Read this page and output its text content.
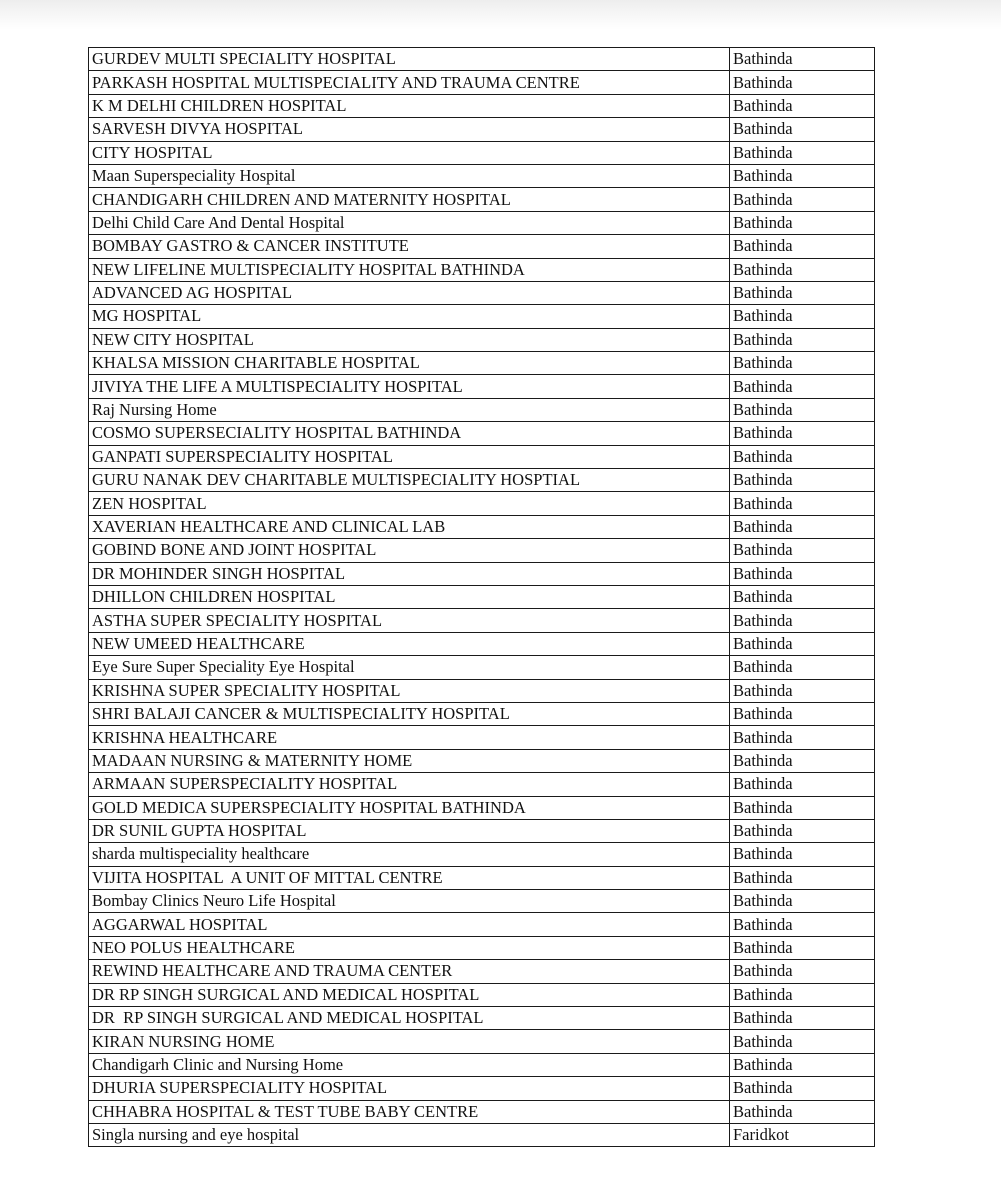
GURDEV MULTI SPECIALITY HOSPITAL	Bathinda
PARKASH HOSPITAL MULTISPECIALITY AND TRAUMA CENTRE	Bathinda
K M DELHI CHILDREN HOSPITAL	Bathinda
SARVESH DIVYA HOSPITAL	Bathinda
CITY HOSPITAL	Bathinda
Maan Superspeciality Hospital	Bathinda
CHANDIGARH CHILDREN AND MATERNITY HOSPITAL	Bathinda
Delhi Child Care And Dental Hospital	Bathinda
BOMBAY GASTRO & CANCER INSTITUTE	Bathinda
NEW LIFELINE MULTISPECIALITY HOSPITAL BATHINDA	Bathinda
ADVANCED AG HOSPITAL	Bathinda
MG HOSPITAL	Bathinda
NEW CITY HOSPITAL	Bathinda
KHALSA MISSION CHARITABLE HOSPITAL	Bathinda
JIVIYA THE LIFE A MULTISPECIALITY HOSPITAL	Bathinda
Raj Nursing Home	Bathinda
COSMO SUPERSECIALITY HOSPITAL BATHINDA	Bathinda
GANPATI SUPERSPECIALITY HOSPITAL	Bathinda
GURU NANAK DEV CHARITABLE MULTISPECIALITY HOSPTIAL	Bathinda
ZEN HOSPITAL	Bathinda
XAVERIAN HEALTHCARE AND CLINICAL LAB	Bathinda
GOBIND BONE AND JOINT HOSPITAL	Bathinda
DR MOHINDER SINGH HOSPITAL	Bathinda
DHILLON CHILDREN HOSPITAL	Bathinda
ASTHA SUPER SPECIALITY HOSPITAL	Bathinda
NEW UMEED HEALTHCARE	Bathinda
Eye Sure Super Speciality Eye Hospital	Bathinda
KRISHNA SUPER SPECIALITY HOSPITAL	Bathinda
SHRI BALAJI CANCER & MULTISPECIALITY HOSPITAL	Bathinda
KRISHNA HEALTHCARE	Bathinda
MADAAN NURSING & MATERNITY HOME	Bathinda
ARMAAN SUPERSPECIALITY HOSPITAL	Bathinda
GOLD MEDICA SUPERSPECIALITY HOSPITAL BATHINDA	Bathinda
DR SUNIL GUPTA HOSPITAL	Bathinda
sharda multispeciality healthcare	Bathinda
VIJITA HOSPITAL  A UNIT OF MITTAL CENTRE	Bathinda
Bombay Clinics Neuro Life Hospital	Bathinda
AGGARWAL HOSPITAL	Bathinda
NEO POLUS HEALTHCARE	Bathinda
REWIND HEALTHCARE AND TRAUMA CENTER	Bathinda
DR RP SINGH SURGICAL AND MEDICAL HOSPITAL	Bathinda
DR  RP SINGH SURGICAL AND MEDICAL HOSPITAL	Bathinda
KIRAN NURSING HOME	Bathinda
Chandigarh Clinic and Nursing Home	Bathinda
DHURIA SUPERSPECIALITY HOSPITAL	Bathinda
CHHABRA HOSPITAL & TEST TUBE BABY CENTRE	Bathinda
Singla nursing and eye hospital	Faridkot
